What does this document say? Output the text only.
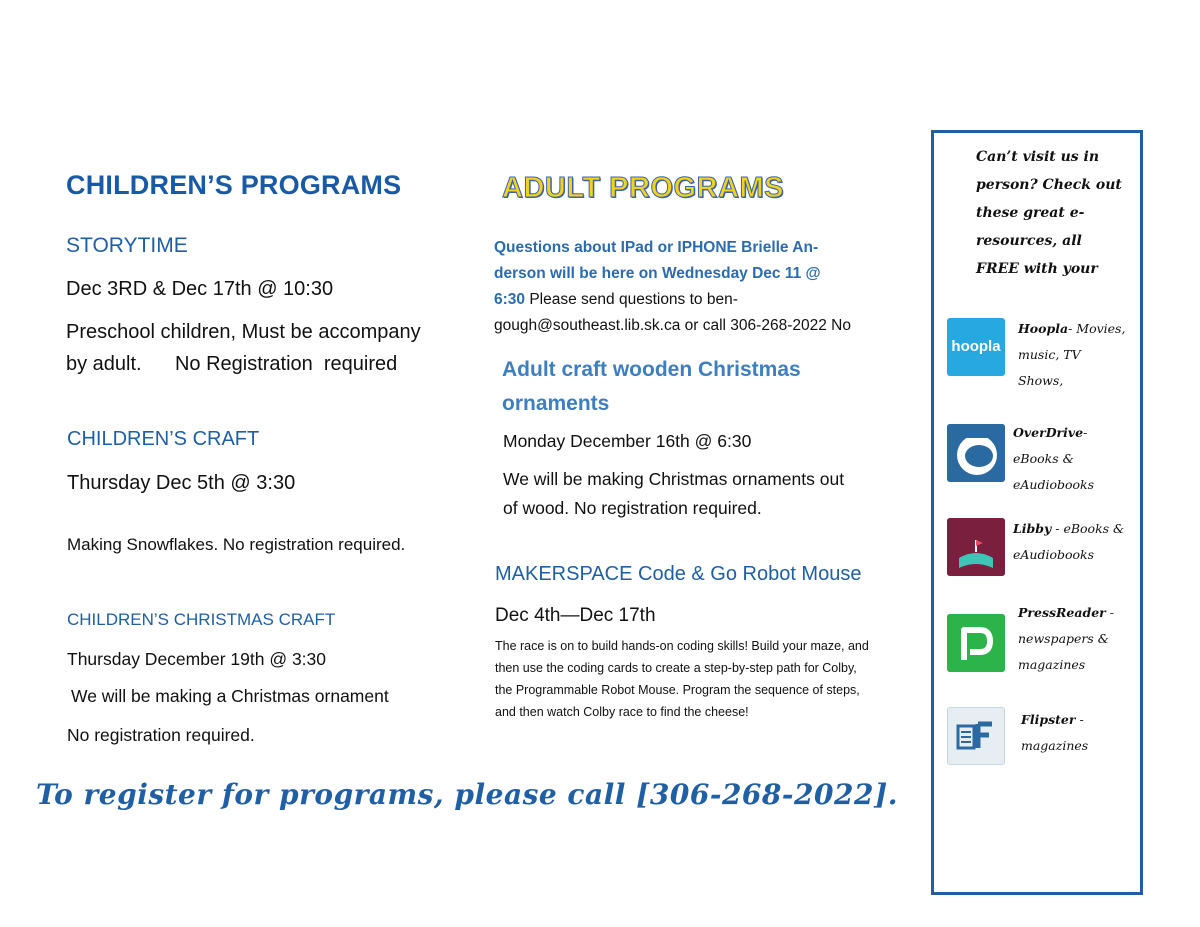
CHILDREN’S PROGRAMS
STORYTIME
Dec 3RD & Dec 17th @ 10:30
Preschool children, Must be accompany
by adult.      No Registration  required
CHILDREN’S CRAFT
Thursday Dec 5th @ 3:30
Making Snowflakes. No registration required.
CHILDREN’S CHRISTMAS CRAFT
Thursday December 19th @ 3:30
We will be making a Christmas ornament
No registration required.
ADULT PROGRAMS
Questions about IPad or IPHONE Brielle An-
derson will be here on Wednesday Dec 11 @
6:30 Please send questions to ben-
gough@southeast.lib.sk.ca or call 306-268-2022 No
Adult craft wooden Christmas
ornaments
Monday December 16th @ 6:30
We will be making Christmas ornaments out
of wood. No registration required.
MAKERSPACE Code & Go Robot Mouse
Dec 4th—Dec 17th
The race is on to build hands-on coding skills! Build your maze, and
then use the coding cards to create a step-by-step path for Colby,
the Programmable Robot Mouse. Program the sequence of steps,
and then watch Colby race to find the cheese!
To register for programs, please call [306-268-2022].
Can’t visit us in
person? Check out
these great e-
resources, all
FREE with your
hoopla
Hoopla- Movies,
music, TV
Shows,
OverDrive-
eBooks &
eAudiobooks
Libby - eBooks &
eAudiobooks
PressReader -
newspapers &
magazines
Flipster -
magazines
